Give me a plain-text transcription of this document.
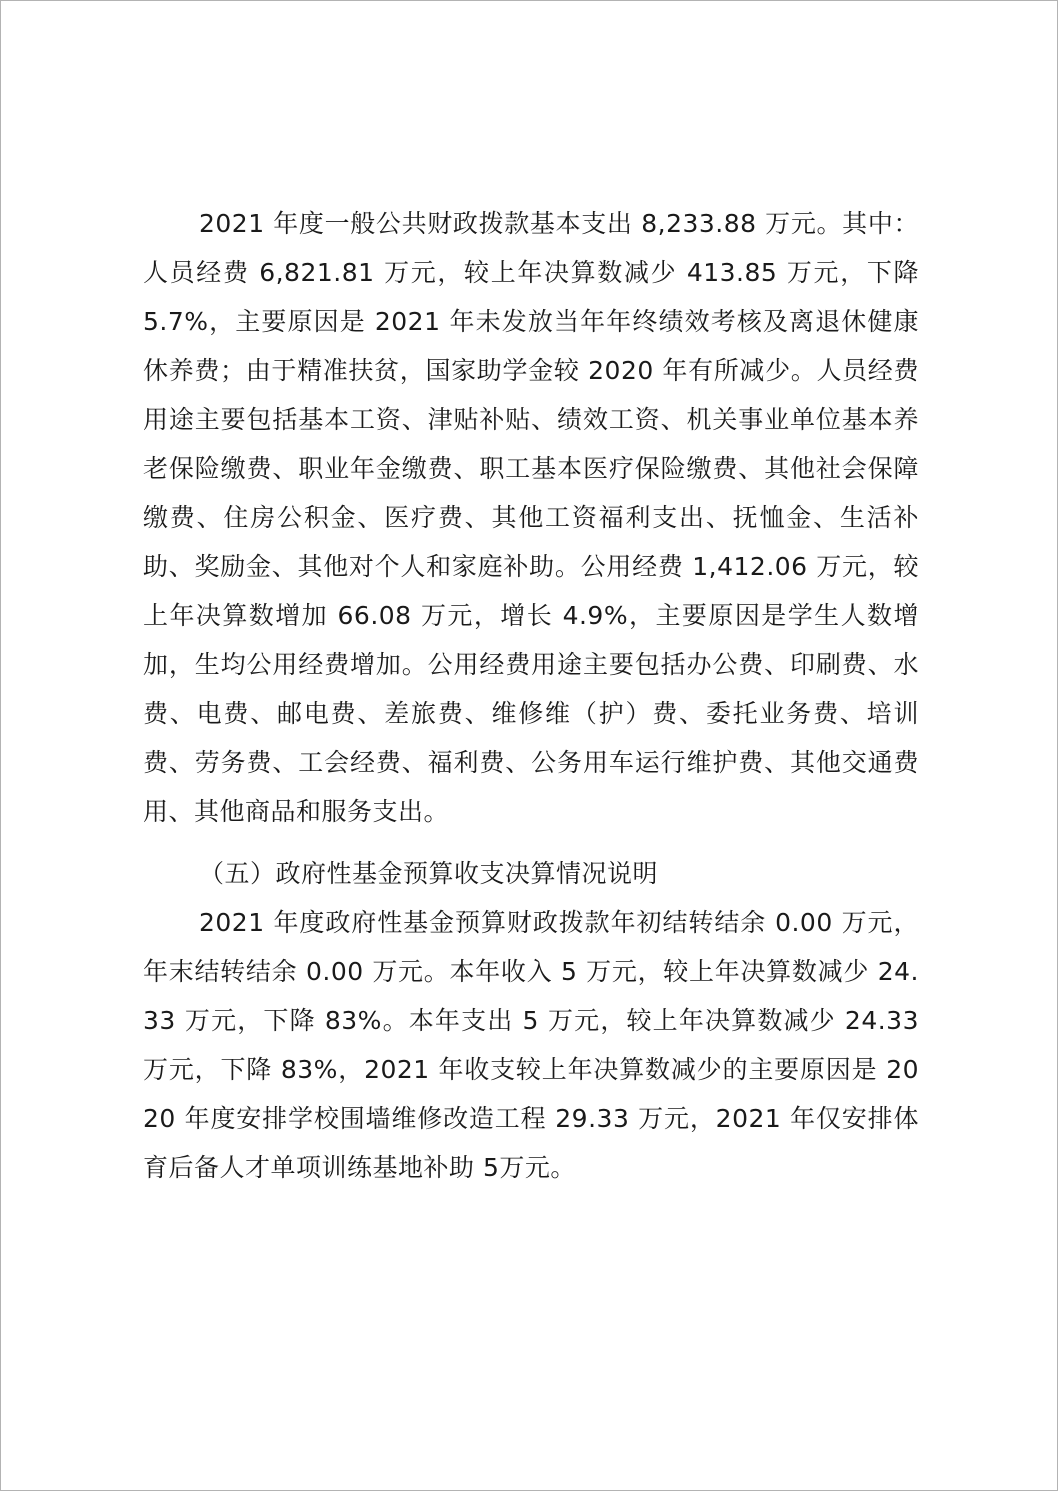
2021 年度一般公共财政拨款基本支出 8,233.88 万元。其中：人员经费 6,821.81 万元，较上年决算数减少 413.85 万元，下降 5.7%，主要原因是 2021 年未发放当年年终绩效考核及离退休健康休养费；由于精准扶贫，国家助学金较 2020 年有所减少。人员经费用途主要包括基本工资、津贴补贴、绩效工资、机关事业单位基本养老保险缴费、职业年金缴费、职工基本医疗保险缴费、其他社会保障缴费、住房公积金、医疗费、其他工资福利支出、抚恤金、生活补助、奖励金、其他对个人和家庭补助。公用经费 1,412.06 万元，较上年决算数增加 66.08 万元，增长 4.9%，主要原因是学生人数增加，生均公用经费增加。公用经费用途主要包括办公费、印刷费、水费、电费、邮电费、差旅费、维修维（护）费、委托业务费、培训费、劳务费、工会经费、福利费、公务用车运行维护费、其他交通费用、其他商品和服务支出。

（五）政府性基金预算收支决算情况说明

2021 年度政府性基金预算财政拨款年初结转结余 0.00 万元，年末结转结余 0.00 万元。本年收入 5 万元，较上年决算数减少 24.33 万元，下降 83%。本年支出 5 万元，较上年决算数减少 24.33 万元，下降 83%，2021 年收支较上年决算数减少的主要原因是 2020 年度安排学校围墙维修改造工程 29.33 万元，2021 年仅安排体育后备人才单项训练基地补助 5万元。
